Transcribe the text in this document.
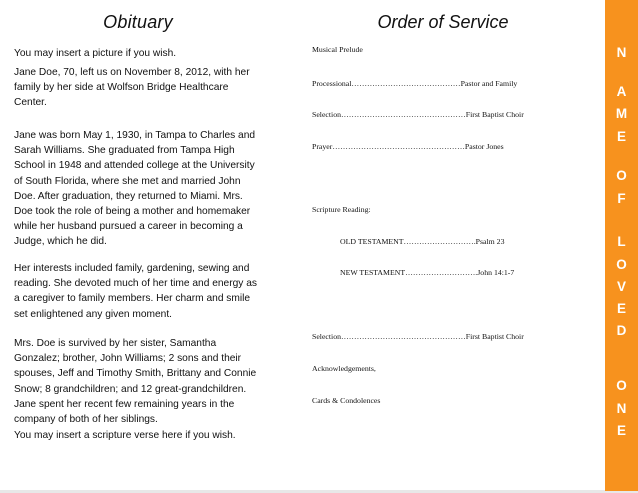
Obituary

You may insert a picture if you wish.

Jane Doe, 70, left us on November 8, 2012, with her family by her side at Wolfson Bridge Healthcare Center.

Jane was born May 1, 1930, in Tampa to Charles and Sarah Williams. She graduated from Tampa High School in 1948 and attended college at the University of South Florida, where she met and married John Doe. After graduation, they returned to Miami. Mrs. Doe took the role of being a mother and homemaker while her husband pursued a career in becoming a Judge, which he did.

Her interests included family, gardening, sewing and reading. She devoted much of her time and energy as a caregiver to family members. Her charm and smile set enlightened any given moment.

Mrs. Doe is survived by her sister, Samantha Gonzalez; brother, John Williams; 2 sons and their spouses, Jeff and Timothy Smith, Brittany and Connie Snow; 8 grandchildren; and 12 great-grandchildren. Jane spent her recent few remaining years in the company of both of her siblings.

You may insert a scripture verse here if you wish.

Order of Service
Musical Prelude
Processional……………………………………Pastor and Family
Selection…………………………………………First Baptist Choir
Prayer……………………………………………Pastor Jones
Scripture Reading:
OLD TESTAMENT……………………….Psalm 23
NEW TESTAMENT……………………….John 14:1-7
Selection…………………………………………First Baptist Choir
Acknowledgements,
Cards & Condolences
N
A
M
E
O
F
L
O
V
E
D
O
N
E
